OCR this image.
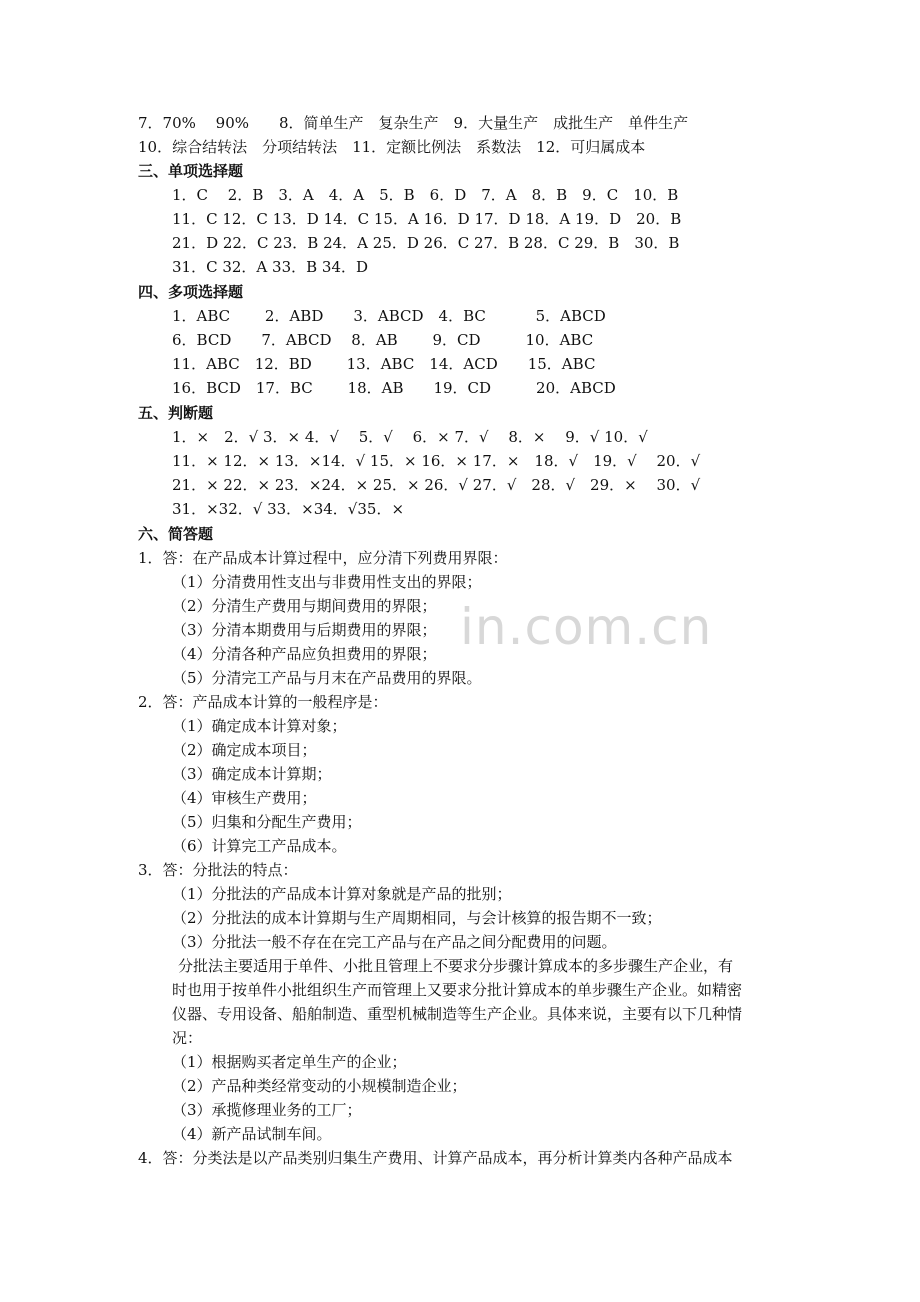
in.com.cn
7．70%　 90%　　8．简单生产　复杂生产　9．大量生产　成批生产　单件生产
10．综合结转法　分项结转法　11．定额比例法　系数法　12．可归属成本
三、单项选择题
1．C　 2．B　3．A　4．A　5．B　6．D　7．A　8．B　9．C　10．B
11．C 12．C 13．D 14．C 15．A 16．D 17．D 18．A 19．D　20．B
21．D 22．C 23．B 24．A 25．D 26．C 27．B 28．C 29．B　30．B
31．C 32．A 33．B 34．D
四、多项选择题
1．ABC　　 2．ABD　　3．ABCD　4．BC　　　 5．ABCD
6．BCD　　7．ABCD　 8．AB　　 9．CD　　　10．ABC
11．ABC　12．BD　　 13．ABC　14．ACD　　15．ABC
16．BCD　17．BC　　 18．AB　　19．CD　　　20．ABCD
五、判断题
1．×　2．√ 3．× 4．√　 5．√　 6．× 7．√　 8．×　 9．√ 10．√
11．× 12．× 13．×14．√ 15．× 16．× 17．×　18．√　19．√　 20．√
21．× 22．× 23．×24．× 25．× 26．√ 27．√　28．√　29．×　 30．√
31．×32．√ 33．×34．√35．×
六、简答题
1．答：在产品成本计算过程中，应分清下列费用界限：
（1）分清费用性支出与非费用性支出的界限；
（2）分清生产费用与期间费用的界限；
（3）分清本期费用与后期费用的界限；
（4）分清各种产品应负担费用的界限；
（5）分清完工产品与月末在产品费用的界限。
2．答：产品成本计算的一般程序是：
（1）确定成本计算对象；
（2）确定成本项目；
（3）确定成本计算期；
（4）审核生产费用；
（5）归集和分配生产费用；
（6）计算完工产品成本。
3．答：分批法的特点：
（1）分批法的产品成本计算对象就是产品的批别；
（2）分批法的成本计算期与生产周期相同，与会计核算的报告期不一致；
（3）分批法一般不存在在完工产品与在产品之间分配费用的问题。
分批法主要适用于单件、小批且管理上不要求分步骤计算成本的多步骤生产企业，有
时也用于按单件小批组织生产而管理上又要求分批计算成本的单步骤生产企业。如精密
仪器、专用设备、船舶制造、重型机械制造等生产企业。具体来说，主要有以下几种情
况：
（1）根据购买者定单生产的企业；
（2）产品种类经常变动的小规模制造企业；
（3）承揽修理业务的工厂；
（4）新产品试制车间。
4．答：分类法是以产品类别归集生产费用、计算产品成本，再分析计算类内各种产品成本
